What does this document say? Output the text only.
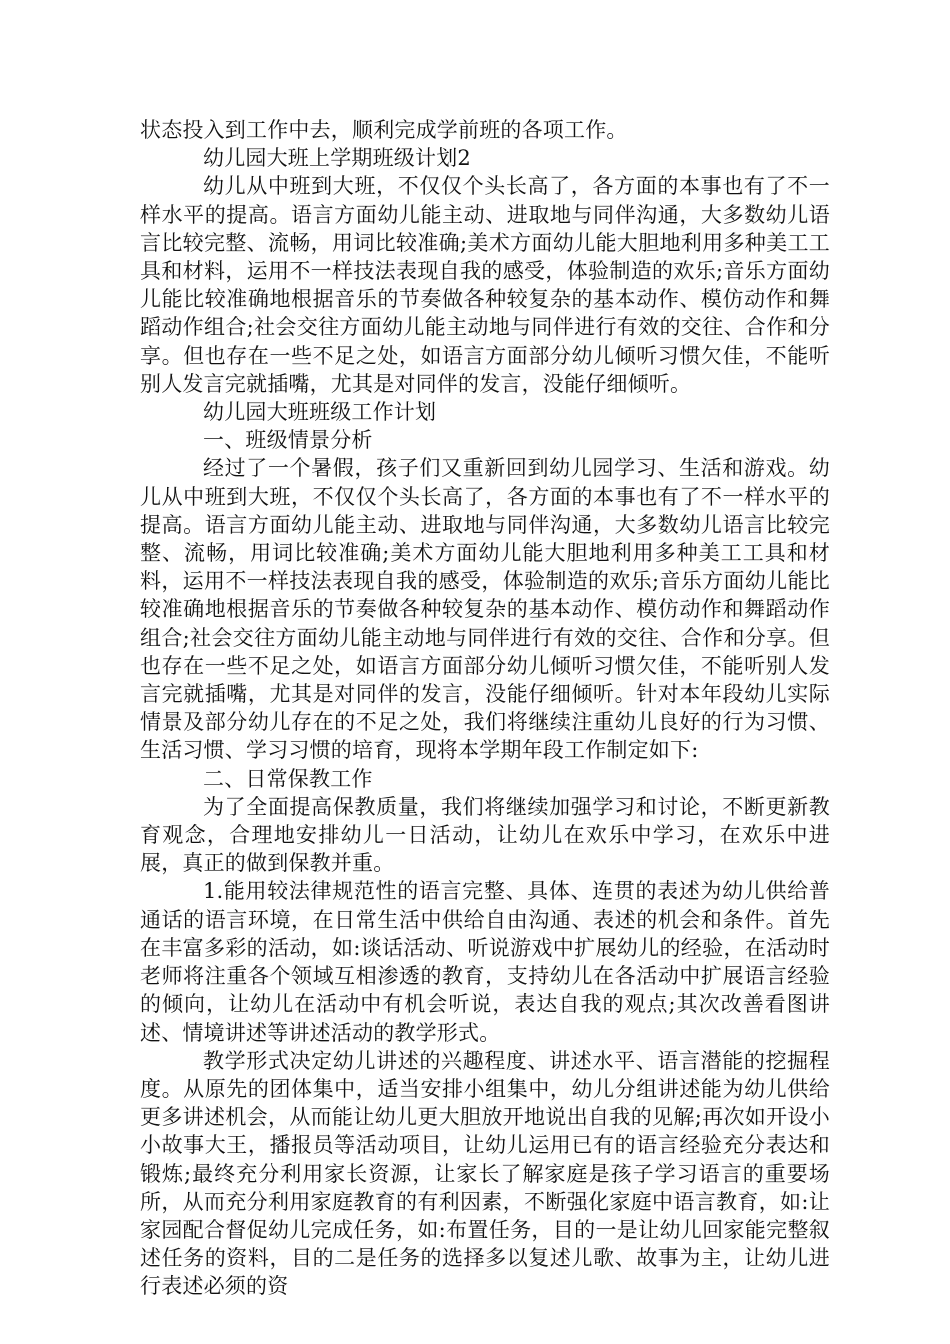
状态投入到工作中去，顺利完成学前班的各项工作。

幼儿园大班上学期班级计划2

幼儿从中班到大班，不仅仅个头长高了，各方面的本事也有了不一样水平的提高。语言方面幼儿能主动、进取地与同伴沟通，大多数幼儿语言比较完整、流畅，用词比较准确;美术方面幼儿能大胆地利用多种美工工具和材料，运用不一样技法表现自我的感受，体验制造的欢乐;音乐方面幼儿能比较准确地根据音乐的节奏做各种较复杂的基本动作、模仿动作和舞蹈动作组合;社会交往方面幼儿能主动地与同伴进行有效的交往、合作和分享。但也存在一些不足之处，如语言方面部分幼儿倾听习惯欠佳，不能听别人发言完就插嘴，尤其是对同伴的发言，没能仔细倾听。

幼儿园大班班级工作计划

一、班级情景分析

经过了一个暑假，孩子们又重新回到幼儿园学习、生活和游戏。幼儿从中班到大班，不仅仅个头长高了，各方面的本事也有了不一样水平的提高。语言方面幼儿能主动、进取地与同伴沟通，大多数幼儿语言比较完整、流畅，用词比较准确;美术方面幼儿能大胆地利用多种美工工具和材料，运用不一样技法表现自我的感受，体验制造的欢乐;音乐方面幼儿能比较准确地根据音乐的节奏做各种较复杂的基本动作、模仿动作和舞蹈动作组合;社会交往方面幼儿能主动地与同伴进行有效的交往、合作和分享。但也存在一些不足之处，如语言方面部分幼儿倾听习惯欠佳，不能听别人发言完就插嘴，尤其是对同伴的发言，没能仔细倾听。针对本年段幼儿实际情景及部分幼儿存在的不足之处，我们将继续注重幼儿良好的行为习惯、生活习惯、学习习惯的培育，现将本学期年段工作制定如下:

二、日常保教工作

为了全面提高保教质量，我们将继续加强学习和讨论，不断更新教育观念，合理地安排幼儿一日活动，让幼儿在欢乐中学习，在欢乐中进展，真正的做到保教并重。

1.能用较法律规范性的语言完整、具体、连贯的表述为幼儿供给普通话的语言环境，在日常生活中供给自由沟通、表述的机会和条件。首先在丰富多彩的活动，如:谈话活动、听说游戏中扩展幼儿的经验，在活动时老师将注重各个领域互相渗透的教育，支持幼儿在各活动中扩展语言经验的倾向，让幼儿在活动中有机会听说，表达自我的观点;其次改善看图讲述、情境讲述等讲述活动的教学形式。

教学形式决定幼儿讲述的兴趣程度、讲述水平、语言潜能的挖掘程度。从原先的团体集中，适当安排小组集中，幼儿分组讲述能为幼儿供给更多讲述机会，从而能让幼儿更大胆放开地说出自我的见解;再次如开设小小故事大王，播报员等活动项目，让幼儿运用已有的语言经验充分表达和锻炼;最终充分利用家长资源，让家长了解家庭是孩子学习语言的重要场所，从而充分利用家庭教育的有利因素，不断强化家庭中语言教育，如:让家园配合督促幼儿完成任务，如:布置任务，目的一是让幼儿回家能完整叙述任务的资料，目的二是任务的选择多以复述儿歌、故事为主，让幼儿进行表述必须的资
